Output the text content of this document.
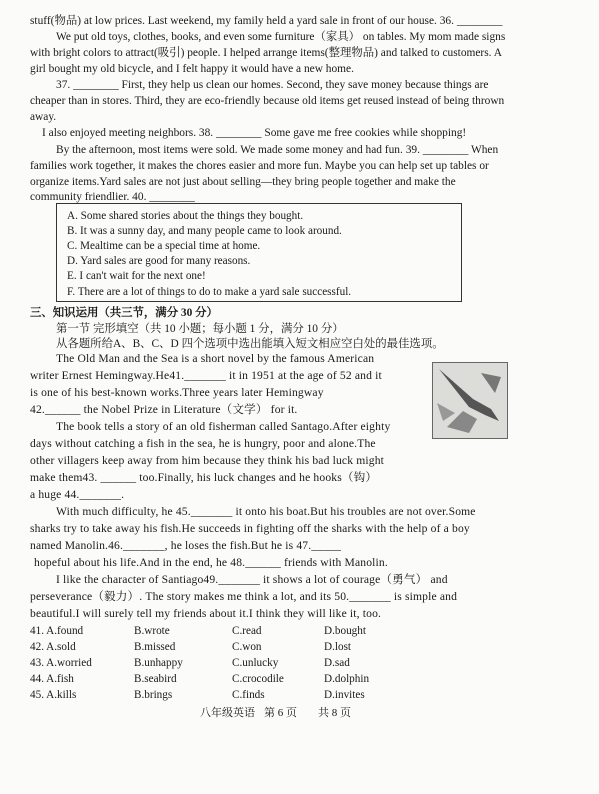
stuff(物品) at low prices. Last weekend, my family held a yard sale in front of our house. 36. ________
We put old toys, clothes, books, and even some furniture（家具） on tables. My mom made signs
with bright colors to attract(吸引) people. I helped arrange items(整理物品) and talked to customers. A
girl bought my old bicycle, and I felt happy it would have a new home.
37. ________ First, they help us clean our homes. Second, they save money because things are
cheaper than in stores. Third, they are eco-friendly because old items get reused instead of being thrown
away.
I also enjoyed meeting neighbors. 38. ________ Some gave me free cookies while shopping!
By the afternoon, most items were sold. We made some money and had fun. 39. ________ When
families work together, it makes the chores easier and more fun. Maybe you can help set up tables or
organize items.Yard sales are not just about selling—they bring people together and make the
community friendlier. 40. ________
A. Some shared stories about the things they bought.
B. It was a sunny day, and many people came to look around.
C. Mealtime can be a special time at home.
D. Yard sales are good for many reasons.
E. I can't wait for the next one!
F. There are a lot of things to do to make a yard sale successful.
三、知识运用（共三节，满分 30 分）
第一节 完形填空（共 10 小题；每小题 1 分，满分 10 分）
从各题所给A、B、C、D 四个选项中选出能填入短文相应空白处的最佳选项。
The Old Man and the Sea is a short novel by the famous American
writer Ernest Hemingway.He41._______ it in 1951 at the age of 52 and it
is one of his best-known works.Three years later Hemingway
42.______ the Nobel Prize in Literature（文学） for it.
The book tells a story of an old fisherman called Santago.After eighty
days without catching a fish in the sea, he is hungry, poor and alone.The
other villagers keep away from him because they think his bad luck might
make them43. ______ too.Finally, his luck changes and he hooks（钩）
a huge 44._______.
With much difficulty, he 45._______ it onto his boat.But his troubles are not over.Some
sharks try to take away his fish.He succeeds in fighting off the sharks with the help of a boy
named Manolin.46._______, he loses the fish.But he is 47._____
hopeful about his life.And in the end, he 48.______ friends with Manolin.
I like the character of Santiago49._______ it shows a lot of courage（勇气） and
perseverance（毅力）. The story makes me think a lot, and its 50._______ is simple and
beautiful.I will surely tell my friends about it.I think they will like it, too.
41. A.found	B.wrote	C.read	D.bought
42. A.sold	B.missed	C.won	D.lost
43. A.worried	B.unhappy	C.unlucky	D.sad
44. A.fish	B.seabird	C.crocodile	D.dolphin
45. A.kills	B.brings	C.finds	D.invites
八年级英语 第 6 页 共 8 页
